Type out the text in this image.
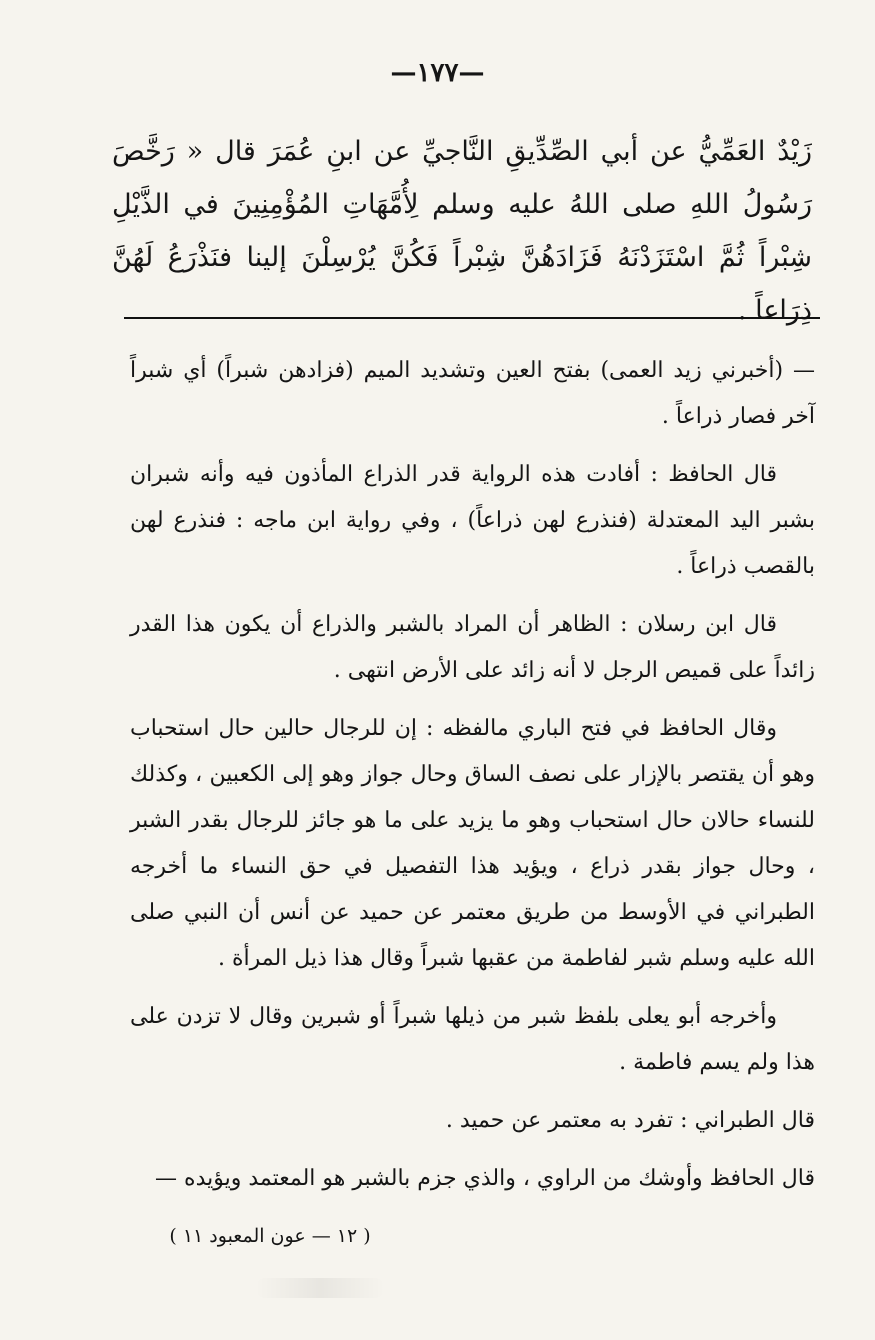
—١٧٧—

زَيْدٌ العَمِّيُّ عن أبي الصِّدِّيقِ النَّاجيِّ عن ابنِ عُمَرَ قال « رَخَّصَ رَسُولُ اللهِ صلى اللهُ عليه وسلم لِأُمَّهَاتِ المُؤْمِنِينَ في الذَّيْلِ شِبْراً ثُمَّ اسْتَزَدْنَهُ فَزَادَهُنَّ شِبْراً فَكُنَّ يُرْسِلْنَ إلينا فنَذْرَعُ لَهُنَّ ذِرَاعاً .

— (أخبرني زيد العمى) بفتح العين وتشديد الميم (فزادهن شبراً) أي شبراً آخر فصار ذراعاً .

قال الحافظ : أفادت هذه الرواية قدر الذراع المأذون فيه وأنه شبران بشبر اليد المعتدلة (فنذرع لهن ذراعاً) ، وفي رواية ابن ماجه : فنذرع لهن بالقصب ذراعاً .

قال ابن رسلان : الظاهر أن المراد بالشبر والذراع أن يكون هذا القدر زائداً على قميص الرجل لا أنه زائد على الأرض انتهى .

وقال الحافظ في فتح الباري مالفظه : إن للرجال حالين حال استحباب وهو أن يقتصر بالإزار على نصف الساق وحال جواز وهو إلى الكعبين ، وكذلك للنساء حالان حال استحباب وهو ما يزيد على ما هو جائز للرجال بقدر الشبر ، وحال جواز بقدر ذراع ، ويؤيد هذا التفصيل في حق النساء ما أخرجه الطبراني في الأوسط من طريق معتمر عن حميد عن أنس أن النبي صلى الله عليه وسلم شبر لفاطمة من عقبها شبراً وقال هذا ذيل المرأة .

وأخرجه أبو يعلى بلفظ شبر من ذيلها شبراً أو شبرين وقال لا تزدن على هذا ولم يسم فاطمة .

قال الطبراني : تفرد به معتمر عن حميد .

قال الحافظ وأوشك من الراوي ، والذي جزم بالشبر هو المعتمد ويؤيده —

( ١٢ — عون المعبود ١١ )
